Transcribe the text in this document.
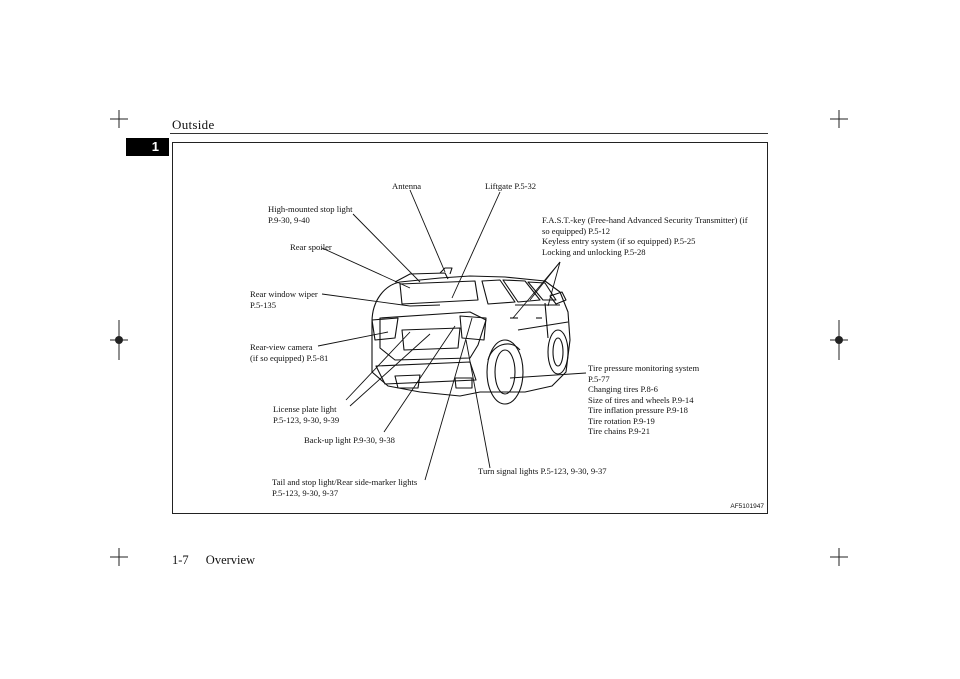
Outside
1
Antenna	Liftgate P.5-32
High-mounted stop light
P.9-30, 9-40
Rear spoiler
F.A.S.T.-key (Free-hand Advanced Security Transmitter) (if
so equipped) P.5-12
Keyless entry system (if so equipped) P.5-25
Locking and unlocking P.5-28
Rear window wiper
P.5-135
Rear-view camera
(if so equipped) P.5-81
Tire pressure monitoring system
P.5-77
Changing tires P.8-6
Size of tires and wheels P.9-14
Tire inflation pressure P.9-18
Tire rotation P.9-19
Tire chains P.9-21
License plate light
P.5-123, 9-30, 9-39
Back-up light P.9-30, 9-38
Turn signal lights P.5-123, 9-30, 9-37
Tail and stop light/Rear side-marker lights
P.5-123, 9-30, 9-37
AF5101947
1-7 Overview
